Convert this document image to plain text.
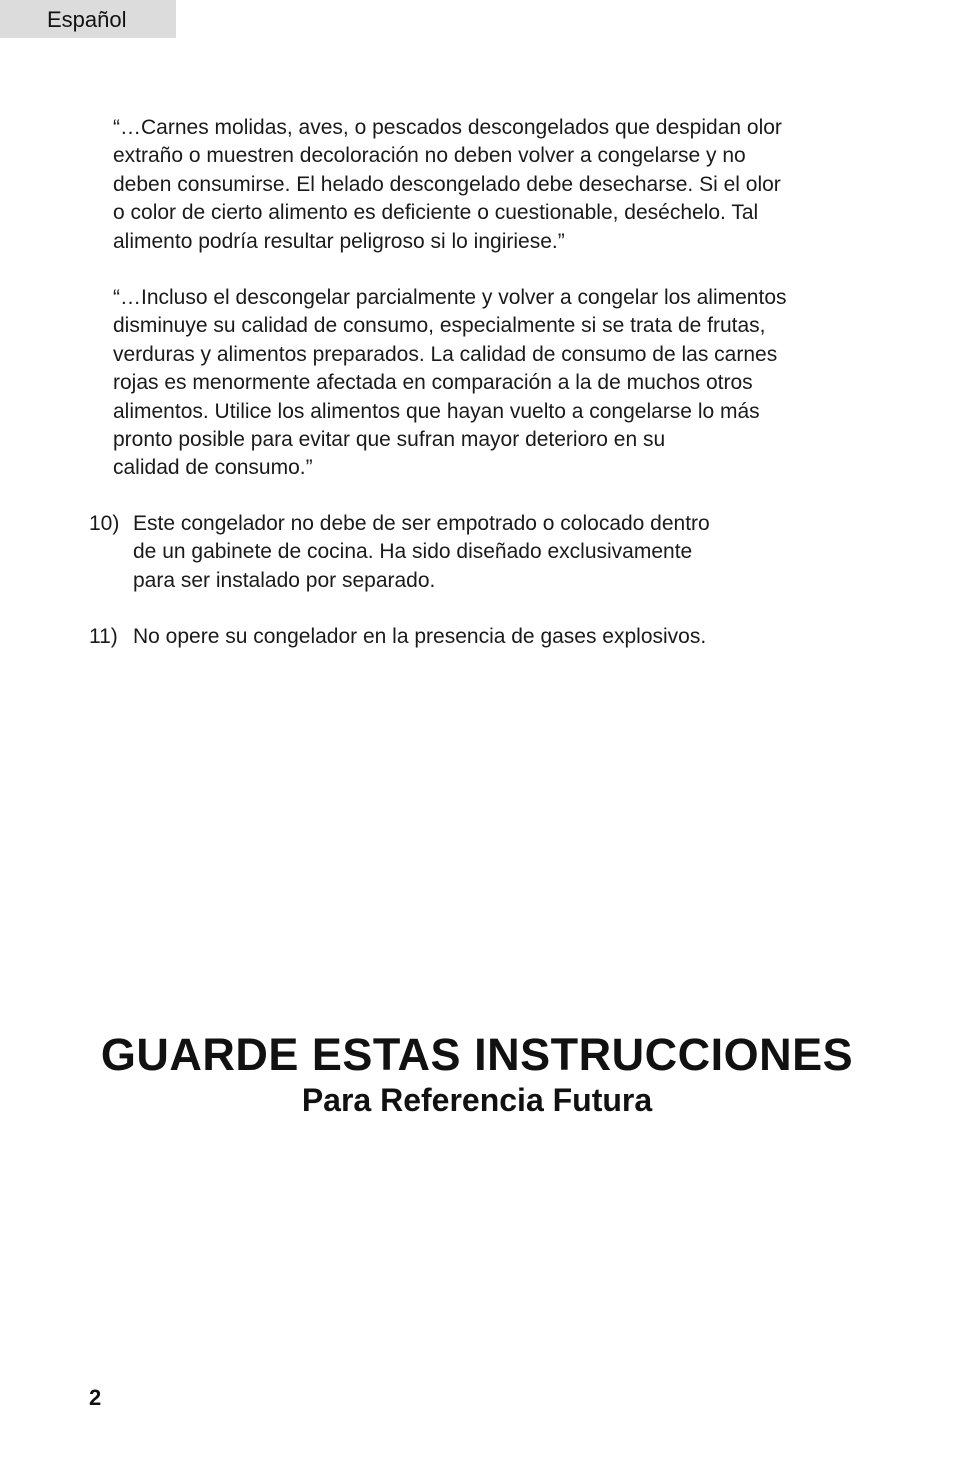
Español
“…Carnes molidas, aves, o pescados descongelados que despidan olor
extraño o muestren decoloración no deben volver a congelarse y no
deben consumirse. El helado descongelado debe desecharse. Si el olor
o color de cierto alimento es deficiente o cuestionable, deséchelo. Tal
alimento podría resultar peligroso si lo ingiriese.”
“…Incluso el descongelar parcialmente y volver a congelar los alimentos
disminuye su calidad de consumo, especialmente si se trata de frutas,
verduras y alimentos preparados. La calidad de consumo de las carnes
rojas es menormente afectada en comparación a la de muchos otros
alimentos. Utilice los alimentos que hayan vuelto a congelarse lo más
pronto posible para evitar que sufran mayor deterioro en su
calidad de consumo.”
10) Este congelador no debe de ser empotrado o colocado dentro
de un gabinete de cocina. Ha sido diseñado exclusivamente
para ser instalado por separado.
11) No opere su congelador en la presencia de gases explosivos.
GUARDE ESTAS INSTRUCCIONES
Para Referencia Futura
2
